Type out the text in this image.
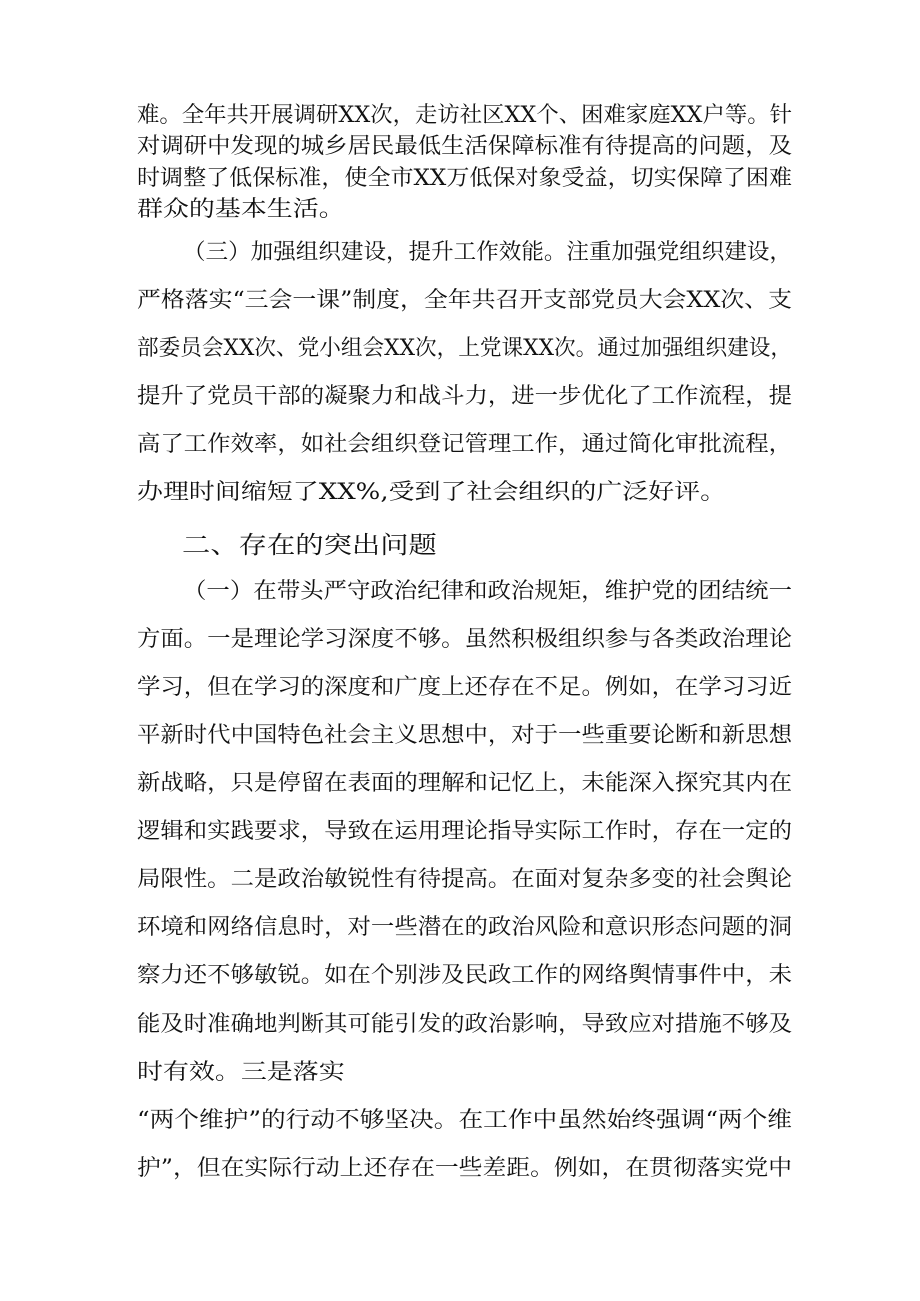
难。全年共开展调研XX次，走访社区XX个、困难家庭XX户等。针
对调研中发现的城乡居民最低生活保障标准有待提高的问题，及
时调整了低保标准，使全市XX万低保对象受益，切实保障了困难
群众的基本生活。
（三）加强组织建设，提升工作效能。注重加强党组织建设，
严格落实“三会一课”制度，全年共召开支部党员大会XX次、支
部委员会XX次、党小组会XX次，上党课XX次。通过加强组织建设，
提升了党员干部的凝聚力和战斗力，进一步优化了工作流程，提
高了工作效率，如社会组织登记管理工作，通过简化审批流程，
办理时间缩短了XX%,受到了社会组织的广泛好评。
二、存在的突出问题
（一）在带头严守政治纪律和政治规矩，维护党的团结统一
方面。一是理论学习深度不够。虽然积极组织参与各类政治理论
学习，但在学习的深度和广度上还存在不足。例如，在学习习近
平新时代中国特色社会主义思想中，对于一些重要论断和新思想
新战略，只是停留在表面的理解和记忆上，未能深入探究其内在
逻辑和实践要求，导致在运用理论指导实际工作时，存在一定的
局限性。二是政治敏锐性有待提高。在面对复杂多变的社会舆论
环境和网络信息时，对一些潜在的政治风险和意识形态问题的洞
察力还不够敏锐。如在个别涉及民政工作的网络舆情事件中，未
能及时准确地判断其可能引发的政治影响，导致应对措施不够及
时有效。三是落实
“两个维护”的行动不够坚决。在工作中虽然始终强调“两个维
护”，但在实际行动上还存在一些差距。例如，在贯彻落实党中
